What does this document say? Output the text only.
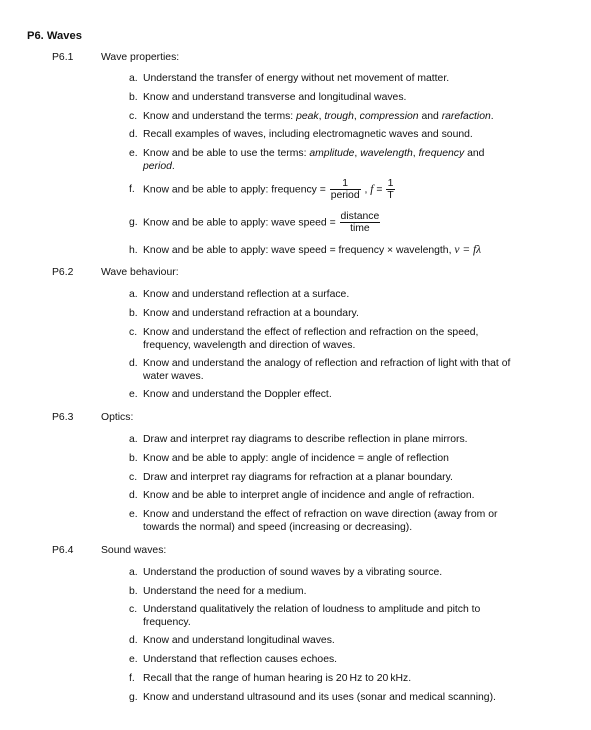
P6. Waves
P6.1	Wave properties:
a. Understand the transfer of energy without net movement of matter.
b. Know and understand transverse and longitudinal waves.
c. Know and understand the terms: peak, trough, compression and rarefaction.
d. Recall examples of waves, including electromagnetic waves and sound.
e. Know and be able to use the terms: amplitude, wavelength, frequency and
period.
f. Know and be able to apply: frequency = $\frac{1}{\text{period}}$ , $f = \frac{1}{T}$
g. Know and be able to apply: wave speed = $\frac{\text{distance}}{\text{time}}$
h. Know and be able to apply: wave speed = frequency × wavelength, v = fλ
P6.2	Wave behaviour:
a. Know and understand reflection at a surface.
b. Know and understand refraction at a boundary.
c. Know and understand the effect of reflection and refraction on the speed,
frequency, wavelength and direction of waves.
d. Know and understand the analogy of reflection and refraction of light with that of
water waves.
e. Know and understand the Doppler effect.
P6.3	Optics:
a. Draw and interpret ray diagrams to describe reflection in plane mirrors.
b. Know and be able to apply: angle of incidence = angle of reflection
c. Draw and interpret ray diagrams for refraction at a planar boundary.
d. Know and be able to interpret angle of incidence and angle of refraction.
e. Know and understand the effect of refraction on wave direction (away from or
towards the normal) and speed (increasing or decreasing).
P6.4	Sound waves:
a. Understand the production of sound waves by a vibrating source.
b. Understand the need for a medium.
c. Understand qualitatively the relation of loudness to amplitude and pitch to
frequency.
d. Know and understand longitudinal waves.
e. Understand that reflection causes echoes.
f. Recall that the range of human hearing is 20 Hz to 20 kHz.
g. Know and understand ultrasound and its uses (sonar and medical scanning).
